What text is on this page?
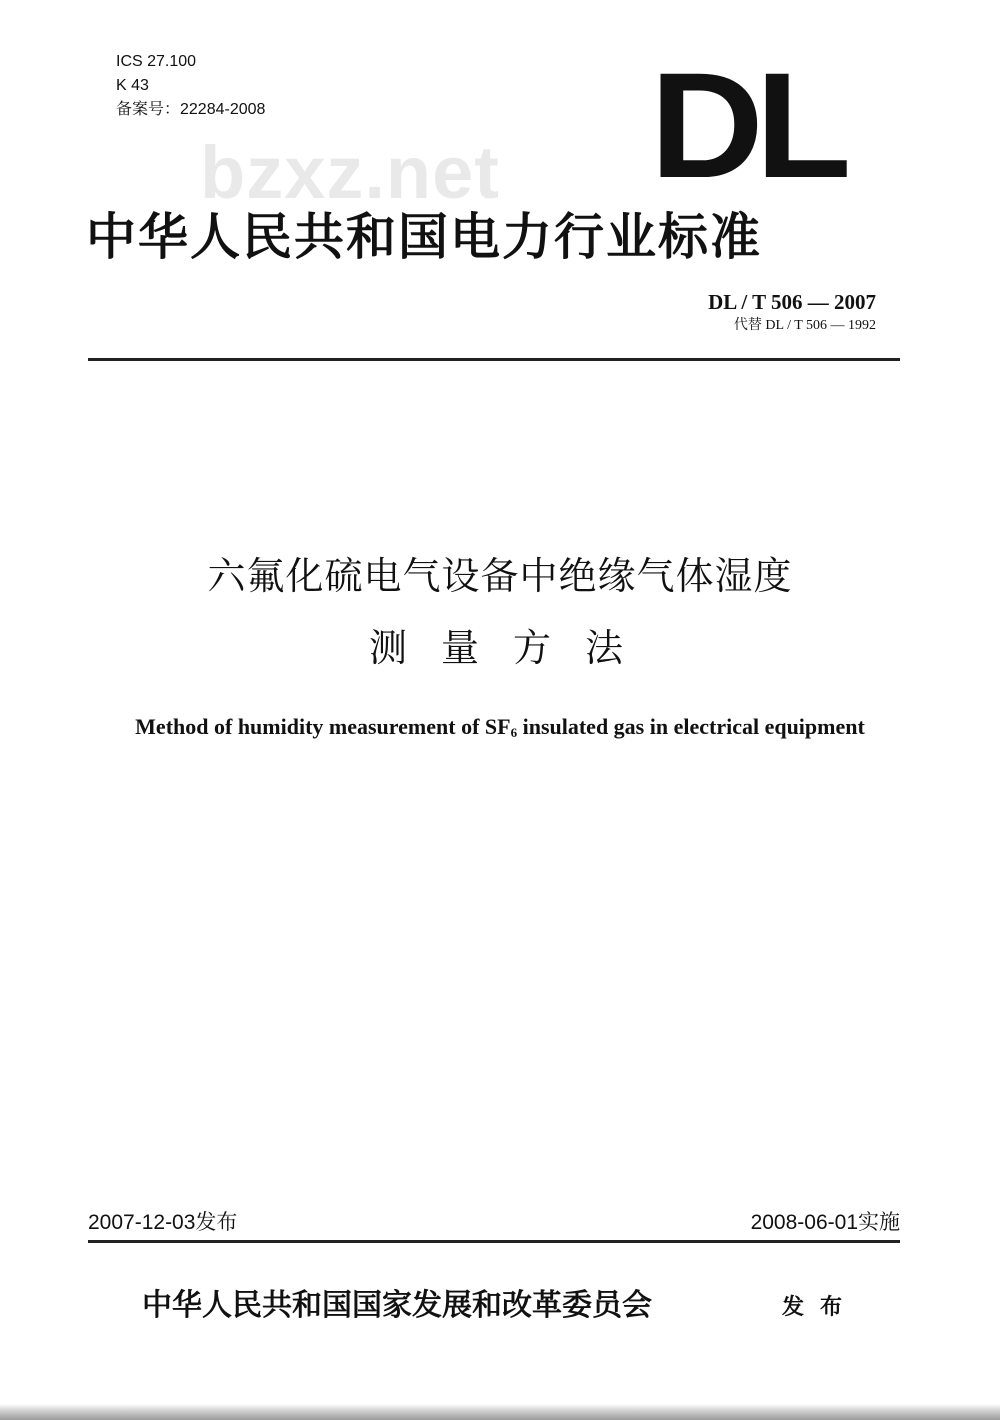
ICS 27.100
K 43
备案号：22284-2008	DL
bzxz.net
中华人民共和国电力行业标准
DL / T 506 — 2007
代替 DL / T 506 — 1992
六氟化硫电气设备中绝缘气体湿度
测量方法
Method of humidity measurement of $SF_6$ insulated gas in electrical equipment
2007-12-03发布	2008-06-01实施
中华人民共和国国家发展和改革委员会	发布
